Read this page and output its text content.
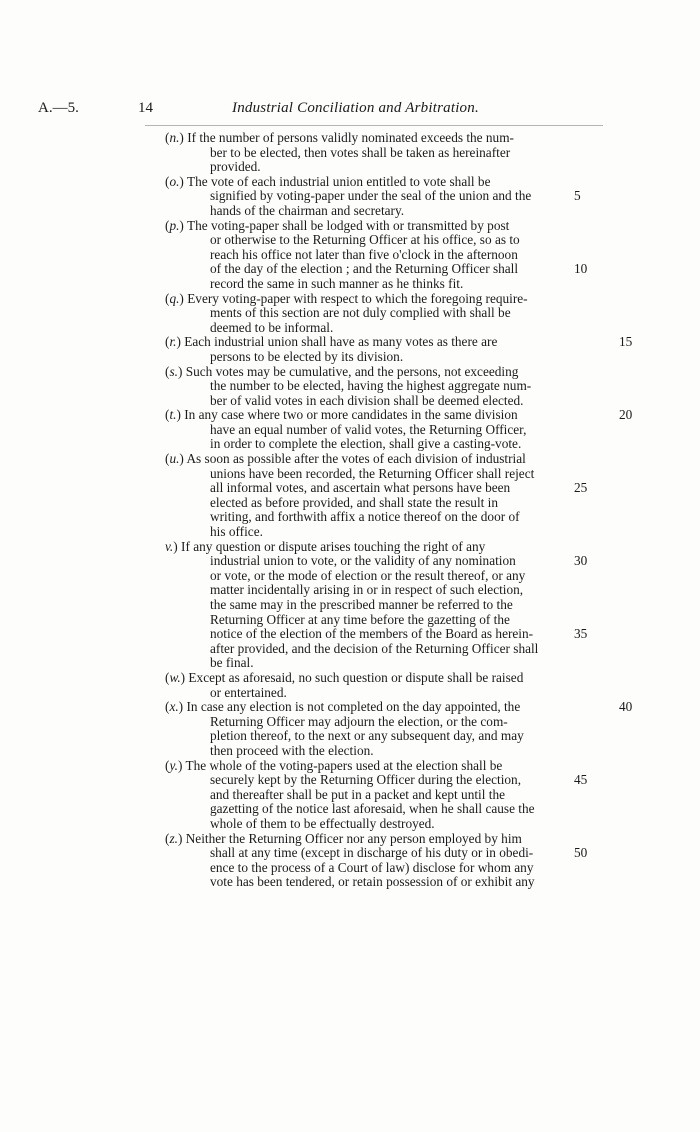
A.—5.	14	Industrial Conciliation and Arbitration.
(n.) If the number of persons validly nominated exceeds the num-
ber to be elected, then votes shall be taken as hereinafter
provided.
(o.) The vote of each industrial union entitled to vote shall be
signified by voting-paper under the seal of the union and the	5
hands of the chairman and secretary.
(p.) The voting-paper shall be lodged with or transmitted by post
or otherwise to the Returning Officer at his office, so as to
reach his office not later than five o'clock in the afternoon
of the day of the election ; and the Returning Officer shall	10
record the same in such manner as he thinks fit.
(q.) Every voting-paper with respect to which the foregoing require-
ments of this section are not duly complied with shall be
deemed to be informal.
(r.) Each industrial union shall have as many votes as there are	15
persons to be elected by its division.
(s.) Such votes may be cumulative, and the persons, not exceeding
the number to be elected, having the highest aggregate num-
ber of valid votes in each division shall be deemed elected.
(t.) In any case where two or more candidates in the same division	20
have an equal number of valid votes, the Returning Officer,
in order to complete the election, shall give a casting-vote.
(u.) As soon as possible after the votes of each division of industrial
unions have been recorded, the Returning Officer shall reject
all informal votes, and ascertain what persons have been	25
elected as before provided, and shall state the result in
writing, and forthwith affix a notice thereof on the door of
his office.
v.) If any question or dispute arises touching the right of any
industrial union to vote, or the validity of any nomination	30
or vote, or the mode of election or the result thereof, or any
matter incidentally arising in or in respect of such election,
the same may in the prescribed manner be referred to the
Returning Officer at any time before the gazetting of the
notice of the election of the members of the Board as herein-	35
after provided, and the decision of the Returning Officer shall
be final.
(w.) Except as aforesaid, no such question or dispute shall be raised
or entertained.
(x.) In case any election is not completed on the day appointed, the	40
Returning Officer may adjourn the election, or the com-
pletion thereof, to the next or any subsequent day, and may
then proceed with the election.
(y.) The whole of the voting-papers used at the election shall be
securely kept by the Returning Officer during the election,	45
and thereafter shall be put in a packet and kept until the
gazetting of the notice last aforesaid, when he shall cause the
whole of them to be effectually destroyed.
(z.) Neither the Returning Officer nor any person employed by him
shall at any time (except in discharge of his duty or in obedi-	50
ence to the process of a Court of law) disclose for whom any
vote has been tendered, or retain possession of or exhibit any
